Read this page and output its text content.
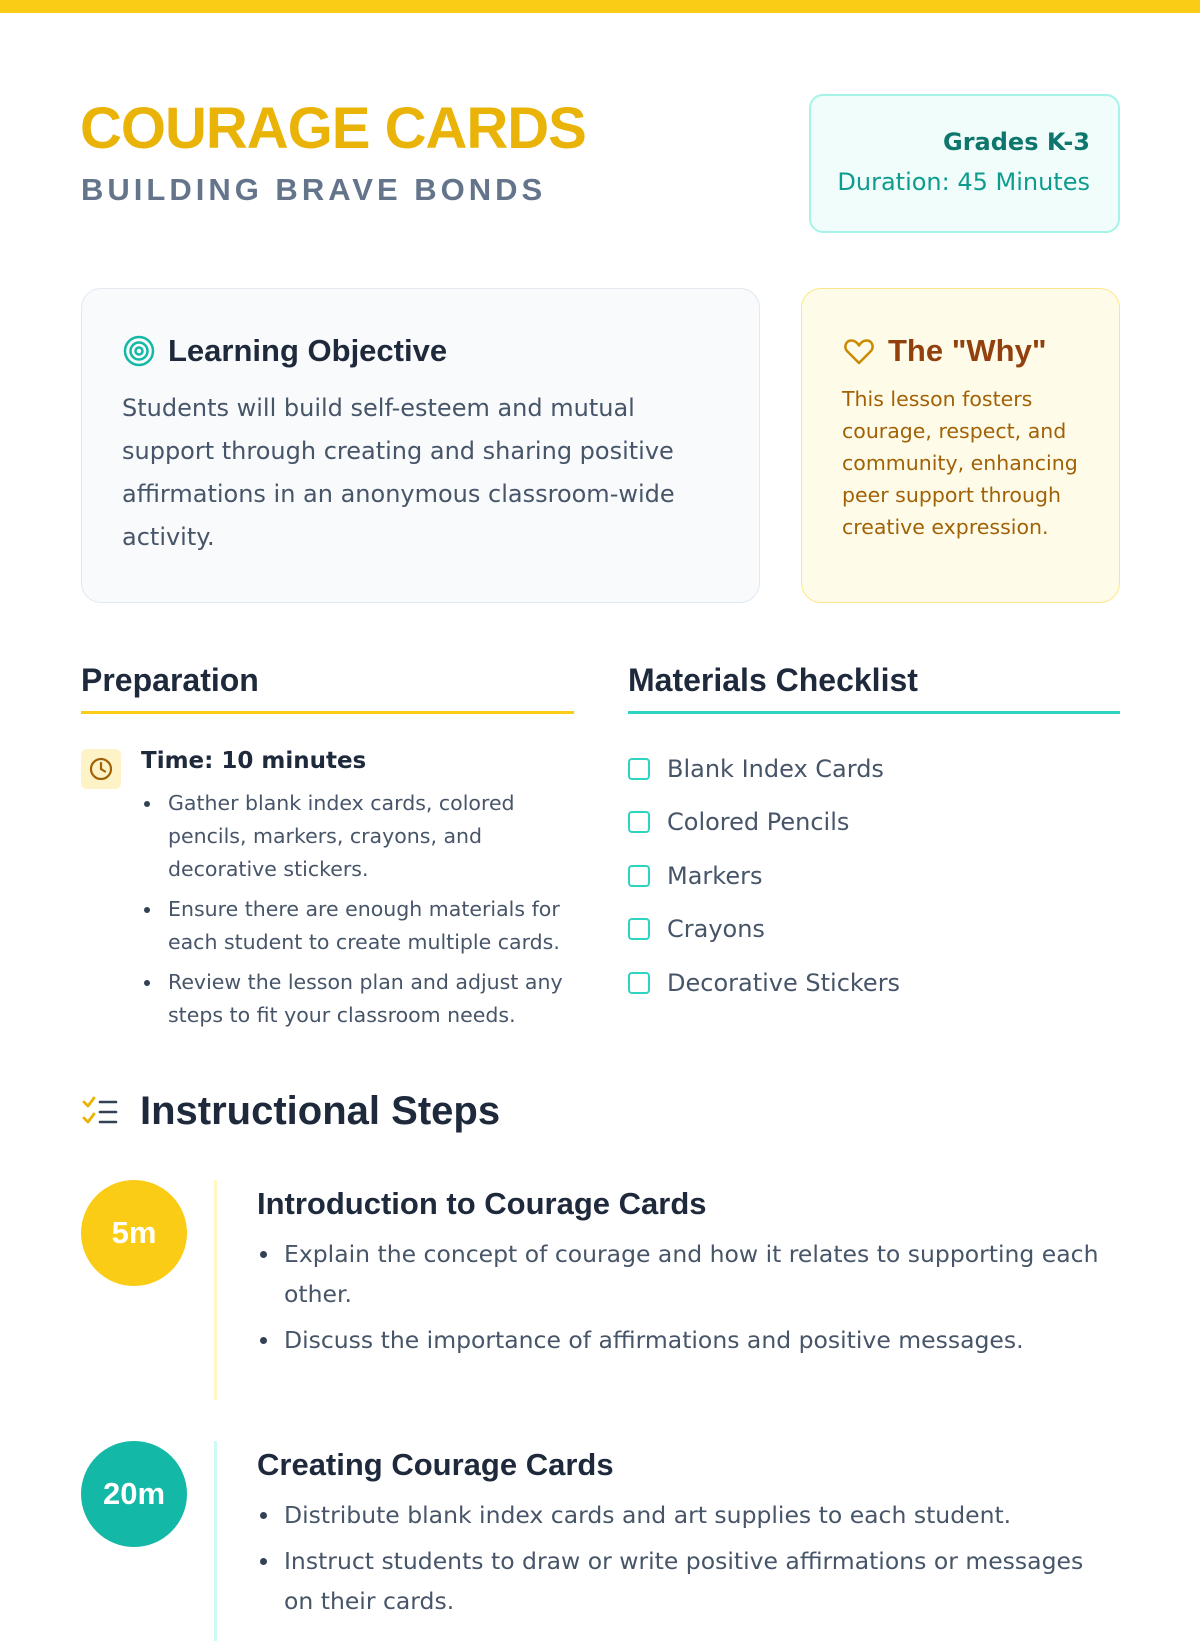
COURAGE CARDS
BUILDING BRAVE BONDS
Grades K-3
Duration: 45 Minutes
Learning Objective

Students will build self-esteem and mutual support through creating and sharing positive affirmations in an anonymous classroom-wide activity.

The "Why"

This lesson fosters courage, respect, and community, enhancing peer support through creative expression.

Preparation	Materials Checklist
Time: 10 minutes
Gather blank index cards, colored pencils, markers, crayons, and decorative stickers.
Ensure there are enough materials for each student to create multiple cards.
Review the lesson plan and adjust any steps to fit your classroom needs.
Blank Index Cards
Colored Pencils
Markers
Crayons
Decorative Stickers
Instructional Steps
5m
Introduction to Courage Cards
Explain the concept of courage and how it relates to supporting each other.
Discuss the importance of affirmations and positive messages.
20m
Creating Courage Cards
Distribute blank index cards and art supplies to each student.
Instruct students to draw or write positive affirmations or messages on their cards.
